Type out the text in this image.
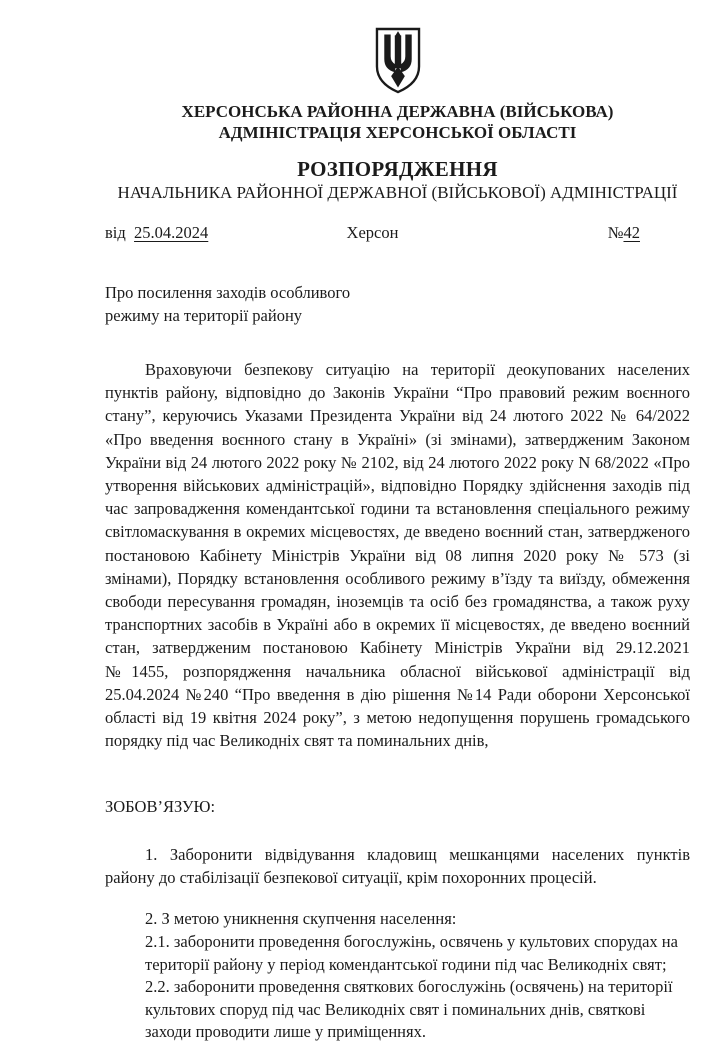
ХЕРСОНСЬКА РАЙОННА ДЕРЖАВНА (ВІЙСЬКОВА)
АДМІНІСТРАЦІЯ ХЕРСОНСЬКОЇ ОБЛАСТІ
РОЗПОРЯДЖЕННЯ
НАЧАЛЬНИКА РАЙОННОЇ ДЕРЖАВНОЇ (ВІЙСЬКОВОЇ) АДМІНІСТРАЦІЇ
від 25.04.2024	Херсон	№42
Про посилення заходів особливого
режиму на території району
Враховуючи безпекову ситуацію на території деокупованих населених пунктів району, відповідно до Законів України “Про правовий режим воєнного стану”, керуючись Указами Президента України від 24 лютого 2022 № 64/2022 «Про введення воєнного стану в Україні» (зі змінами), затвердженим Законом України від 24 лютого 2022 року № 2102, від 24 лютого 2022 року N 68/2022 «Про утворення військових адміністрацій», відповідно Порядку здійснення заходів під час запровадження комендантської години та встановлення спеціального режиму світломаскування в окремих місцевостях, де введено воєнний стан, затвердженого постановою Кабінету Міністрів України від 08 липня 2020 року № 573 (зі змінами), Порядку встановлення особливого режиму в’їзду та виїзду, обмеження свободи пересування громадян, іноземців та осіб без громадянства, а також руху транспортних засобів в Україні або в окремих її місцевостях, де введено воєнний стан, затвердженим постановою Кабінету Міністрів України від 29.12.2021 №1455, розпорядження начальника обласної військової адміністрації від 25.04.2024 №240 “Про введення в дію рішення №14 Ради оборони Херсонської області від 19 квітня 2024 року”, з метою недопущення порушень громадського порядку під час Великодніх свят та поминальних днів,
ЗОБОВ’ЯЗУЮ:
1. Заборонити відвідування кладовищ мешканцями населених пунктів району до стабілізації безпекової ситуації, крім похоронних процесій.
2. З метою уникнення скупчення населення:
2.1. заборонити проведення богослужінь, освячень у культових спорудах на території району у період комендантської години під час Великодніх свят;
2.2. заборонити проведення святкових богослужінь (освячень) на території культових споруд під час Великодніх свят і поминальних днів, святкові заходи проводити лише у приміщеннях.
